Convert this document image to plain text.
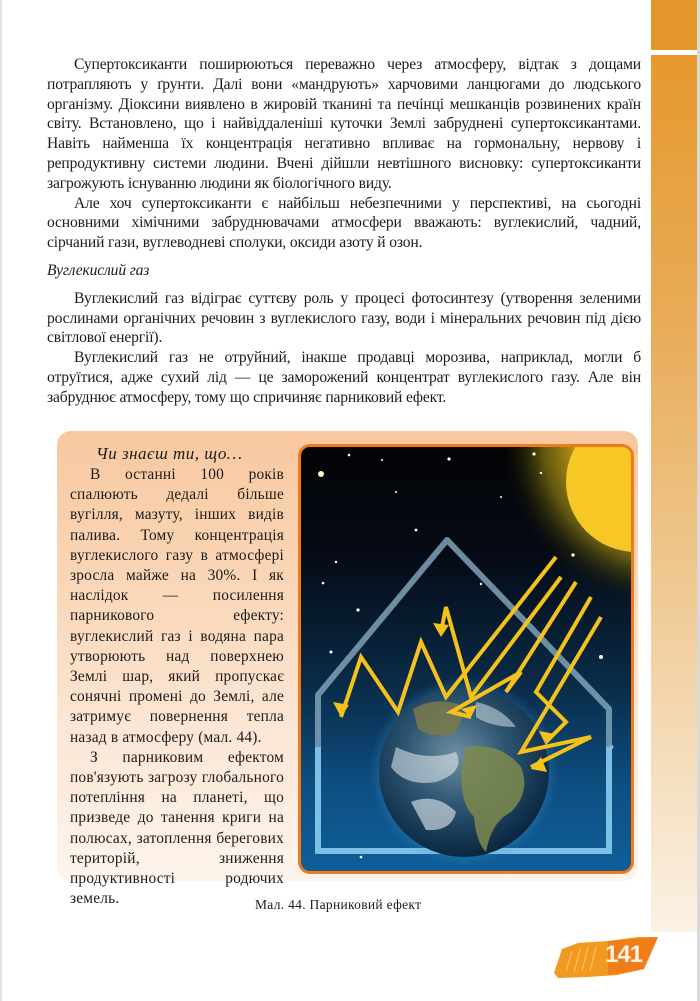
Супертоксиканти поширюються переважно через атмосферу, відтак з дощами потрапляють у ґрунти. Далі вони «мандрують» харчовими ланцюгами до людського організму. Діоксини виявлено в жировій тканині та печінці мешканців розвинених країн світу. Встановлено, що і найвіддаленіші куточки Землі забруднені супертоксикантами. Навіть найменша їх концентрація негативно впливає на гормональну, нервову і репродуктивну системи людини. Вчені дійшли невтішного висновку: супертоксиканти загрожують існуванню людини як біологічного виду.

Але хоч супертоксиканти є найбільш небезпечними у перспективі, на сьогодні основними хімічними забруднювачами атмосфери вважають: вуглекислий, чадний, сірчаний гази, вуглеводневі сполуки, оксиди азоту й озон.

Вуглекислий газ

Вуглекислий газ відіграє суттєву роль у процесі фотосинтезу (утворення зеленими рослинами органічних речовин з вуглекислого газу, води і мінеральних речовин під дією світлової енергії).

Вуглекислий газ не отруйний, інакше продавці морозива, наприклад, могли б отруїтися, адже сухий лід — це заморожений концентрат вуглекислого газу. Але він забруднює атмосферу, тому що спричиняє парниковий ефект.

Чи знаєш ти, що…

В останні 100 років спалюють дедалі більше вугілля, мазуту, інших видів палива. Тому концентрація вуглекислого газу в атмосфері зросла майже на 30%. І як наслідок — посилення парникового ефекту: вуглекислий газ і водяна пара утворюють над поверхнею Землі шар, який пропускає сонячні промені до Землі, але затримує повернення тепла назад в атмосферу (мал. 44).

З парниковим ефектом пов'язують загрозу глобального потепління на планеті, що призведе до танення криги на полюсах, затоплення берегових територій, зниження продуктивності родючих земель.	Мал. 44. Парниковий ефект
141
